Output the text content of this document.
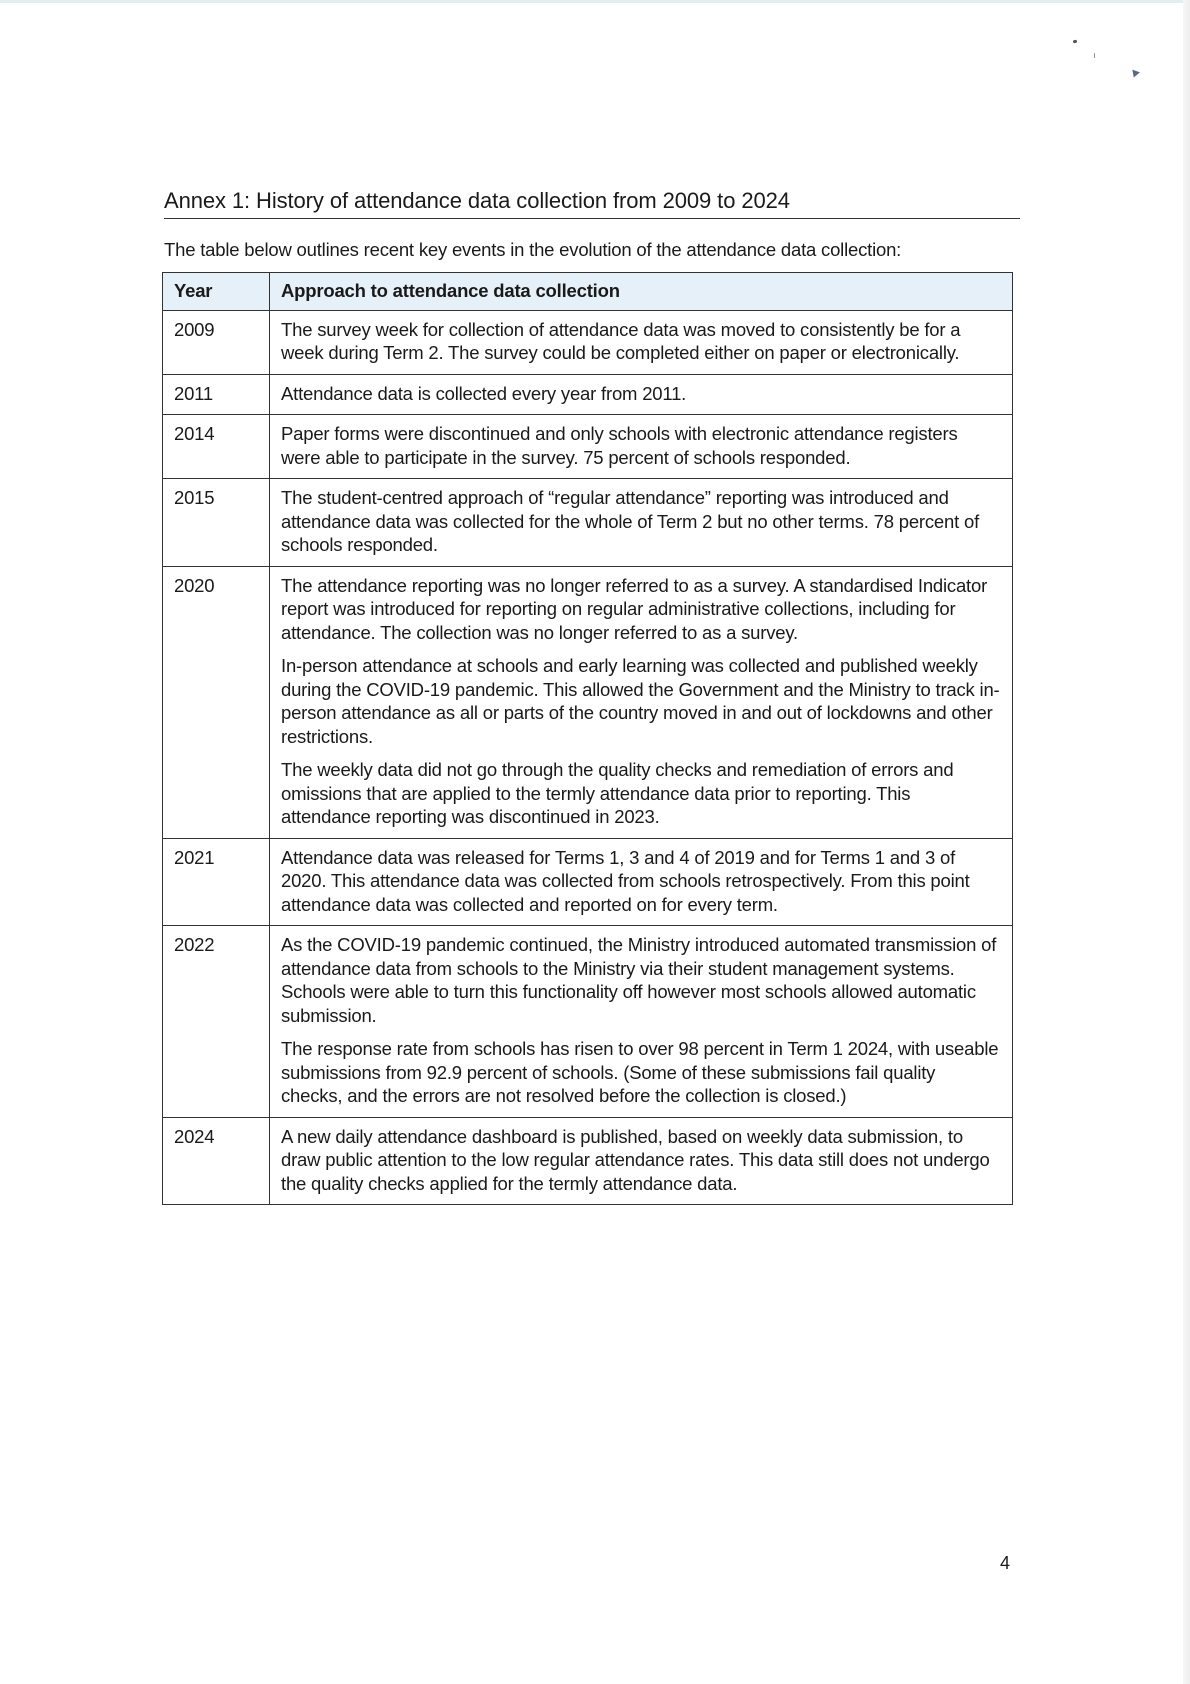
Annex 1: History of attendance data collection from 2009 to 2024

The table below outlines recent key events in the evolution of the attendance data collection:

Year	Approach to attendance data collection
2009	The survey week for collection of attendance data was moved to consistently be for a week during Term 2. The survey could be completed either on paper or electronically.

2011	Attendance data is collected every year from 2011.

2014	Paper forms were discontinued and only schools with electronic attendance registers were able to participate in the survey. 75 percent of schools responded.

2015	The student-centred approach of “regular attendance” reporting was introduced and attendance data was collected for the whole of Term 2 but no other terms. 78 percent of schools responded.

2020	The attendance reporting was no longer referred to as a survey. A standardised Indicator report was introduced for reporting on regular administrative collections, including for attendance. The collection was no longer referred to as a survey.

In-person attendance at schools and early learning was collected and published weekly during the COVID-19 pandemic. This allowed the Government and the Ministry to track in-person attendance as all or parts of the country moved in and out of lockdowns and other restrictions.

The weekly data did not go through the quality checks and remediation of errors and omissions that are applied to the termly attendance data prior to reporting. This attendance reporting was discontinued in 2023.

2021	Attendance data was released for Terms 1, 3 and 4 of 2019 and for Terms 1 and 3 of 2020. This attendance data was collected from schools retrospectively. From this point attendance data was collected and reported on for every term.

2022	As the COVID-19 pandemic continued, the Ministry introduced automated transmission of attendance data from schools to the Ministry via their student management systems. Schools were able to turn this functionality off however most schools allowed automatic submission.

The response rate from schools has risen to over 98 percent in Term 1 2024, with useable submissions from 92.9 percent of schools. (Some of these submissions fail quality checks, and the errors are not resolved before the collection is closed.)

2024	A new daily attendance dashboard is published, based on weekly data submission, to draw public attention to the low regular attendance rates. This data still does not undergo the quality checks applied for the termly attendance data.

4
